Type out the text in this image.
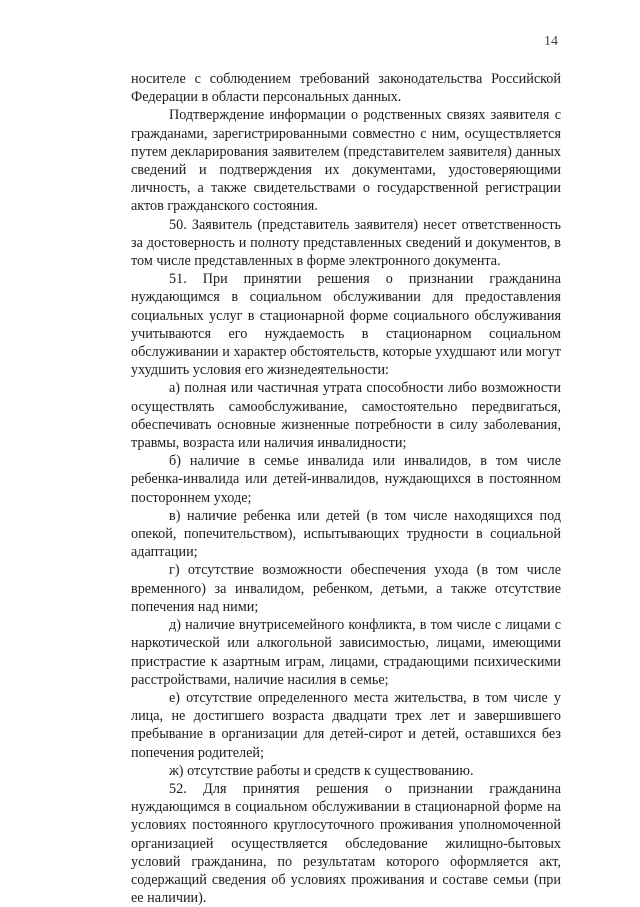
14

носителе с соблюдением требований законодательства Российской Федерации в области персональных данных.

Подтверждение информации о родственных связях заявителя с гражданами, зарегистрированными совместно с ним, осуществляется путем декларирования заявителем (представителем заявителя) данных сведений и подтверждения их документами, удостоверяющими личность, а также свидетельствами о государственной регистрации актов гражданского состояния.

50. Заявитель (представитель заявителя) несет ответственность за достоверность и полноту представленных сведений и документов, в том числе представленных в форме электронного документа.

51. При принятии решения о признании гражданина нуждающимся в социальном обслуживании для предоставления социальных услуг в стационарной форме социального обслуживания учитываются его нуждаемость в стационарном социальном обслуживании и характер обстоятельств, которые ухудшают или могут ухудшить условия его жизнедеятельности:

а) полная или частичная утрата способности либо возможности осуществлять самообслуживание, самостоятельно передвигаться, обеспечивать основные жизненные потребности в силу заболевания, травмы, возраста или наличия инвалидности;

б) наличие в семье инвалида или инвалидов, в том числе ребенка-инвалида или детей-инвалидов, нуждающихся в постоянном постороннем уходе;

в) наличие ребенка или детей (в том числе находящихся под опекой, попечительством), испытывающих трудности в социальной адаптации;

г) отсутствие возможности обеспечения ухода (в том числе временного) за инвалидом, ребенком, детьми, а также отсутствие попечения над ними;

д) наличие внутрисемейного конфликта, в том числе с лицами с наркотической или алкогольной зависимостью, лицами, имеющими пристрастие к азартным играм, лицами, страдающими психическими расстройствами, наличие насилия в семье;

е) отсутствие определенного места жительства, в том числе у лица, не достигшего возраста двадцати трех лет и завершившего пребывание в организации для детей-сирот и детей, оставшихся без попечения родителей;

ж) отсутствие работы и средств к существованию.

52. Для принятия решения о признании гражданина нуждающимся в социальном обслуживании в стационарной форме на условиях постоянного круглосуточного проживания уполномоченной организацией осуществляется обследование жилищно-бытовых условий гражданина, по результатам которого оформляется акт, содержащий сведения об условиях проживания и составе семьи (при ее наличии).
